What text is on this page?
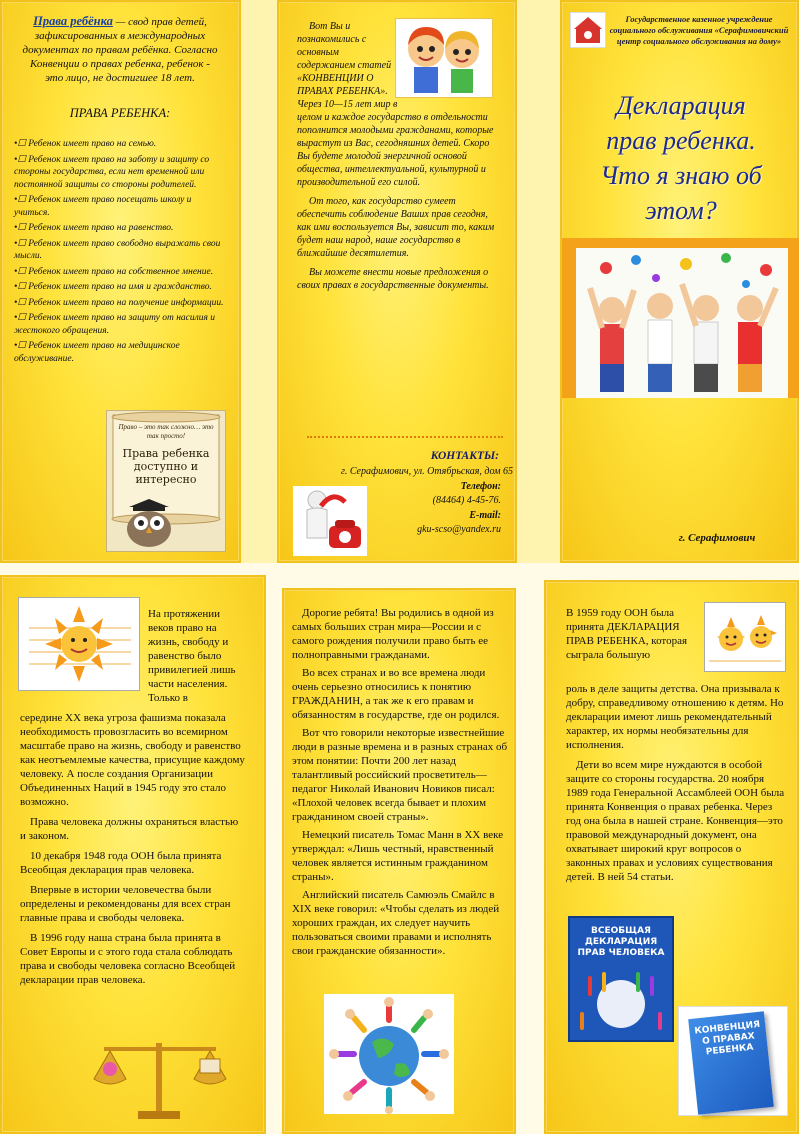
Права ребёнка — свод прав детей, зафиксированных в международных документах по правам ребёнка. Согласно Конвенции о правах ребенка, ребенок - это лицо, не достигшее 18 лет.
ПРАВА РЕБЕНКА:
•☐ Ребенок имеет право на семью.
•☐ Ребенок имеет право на заботу и защиту со стороны государства, если нет временной или постоянной защиты со стороны родителей.
•☐ Ребенок имеет право посещать школу и учиться.
•☐ Ребенок имеет право на равенство.
•☐ Ребенок имеет право свободно выражать свои мысли.
•☐ Ребенок имеет право на собственное мнение.
•☐ Ребенок имеет право на имя и гражданство.
•☐ Ребенок имеет право на получение информации.
•☐ Ребенок имеет право на защиту от насилия и жестокого обращения.
•☐ Ребенок имеет право на медицинское обслуживание.
Право – это так сложно… это так просто!
Права ребенка доступно и интересно

Вот Вы и познакомились с основным содержанием статей «КОНВЕНЦИИ О ПРАВАХ РЕБЕНКА». Через 10—15 лет мир в целом и каждое государство в отдельности пополнится молодыми гражданами, которые вырастут из Вас, сегодняшних детей. Скоро Вы будете молодой энергичной основой общества, интеллектуальной, культурной и производительной его силой.

От того, как государство сумеет обеспечить соблюдение Ваших прав сегодня, как ими воспользуется Вы, зависит то, каким будет наш народ, наше государство в ближайшие десятилетия.

Вы можете внести новые предложения о своих правах в государственные документы.

КОНТАКТЫ:
г. Серафимович, ул. Отябрьская, дом 65
Телефон:
(84464) 4-45-76.
E-mail:
gku-scso@yandex.ru
Государственное казенное учреждение социального обслуживания «Серафимовичский центр социального обслуживания на дому»
Декларация
прав ребенка.
Что я знаю об
этом?
г. Серафимович
На протяжении веков право на жизнь, свободу и равенство было привилегией лишь части населения. Только в

середине XX века угроза фашизма показала необходимость провозгласить во всемирном масштабе право на жизнь, свободу и равенство как неотъемлемые качества, присущие каждому человеку. А после создания Организации Объединенных Наций в 1945 году это стало возможно.

Права человека должны охраняться властью и законом.

10 декабря 1948 года ООН была принята Всеобщая декларация прав человека.

Впервые в истории человечества были определены и рекомендованы для всех стран главные права и свободы человека.

В 1996 году наша страна была принята в Совет Европы и с этого года стала соблюдать права и свободы человека согласно Всеобщей декларации прав человека.

Дорогие ребята! Вы родились в одной из самых больших стран мира—России и с самого рождения получили право быть ее полноправными гражданами.

Во всех странах и во все времена люди очень серьезно относились к понятию ГРАЖДАНИН, а так же к его правам и обязанностям в государстве, где он родился.

Вот что говорили некоторые известнейшие люди в разные времена и в разных странах об этом понятии: Почти 200 лет назад талантливый российский просветитель—педагог Николай Иванович Новиков писал: «Плохой человек всегда бывает и плохим гражданином своей страны».

Немецкий писатель Томас Манн в XX веке утверждал: «Лишь честный, нравственный человек является истинным гражданином страны».

Английский писатель Самюэль Смайлс в XIX веке говорил: «Чтобы сделать из людей хороших граждан, их следует научить пользоваться своими правами и исполнять свои гражданские обязанности».

В 1959 году ООН была принята ДЕКЛАРАЦИЯ ПРАВ РЕБЕНКА, которая сыграла большую

роль в деле защиты детства. Она призывала к добру, справедливому отношению к детям. Но декларации имеют лишь рекомендательный характер, их нормы необязательны для исполнения.

Дети во всем мире нуждаются в особой защите со стороны государства. 20 ноября 1989 года Генеральной Ассамблеей ООН была принята Конвенция о правах ребенка. Через год она была в нашей стране. Конвенция—это правовой международный документ, она охватывает широкий круг вопросов о законных правах и условиях существования детей. В ней 54 статьи.

ВСЕОБЩАЯ ДЕКЛАРАЦИЯ ПРАВ ЧЕЛОВЕКА
КОНВЕНЦИЯ О ПРАВАХ РЕБЕНКА
